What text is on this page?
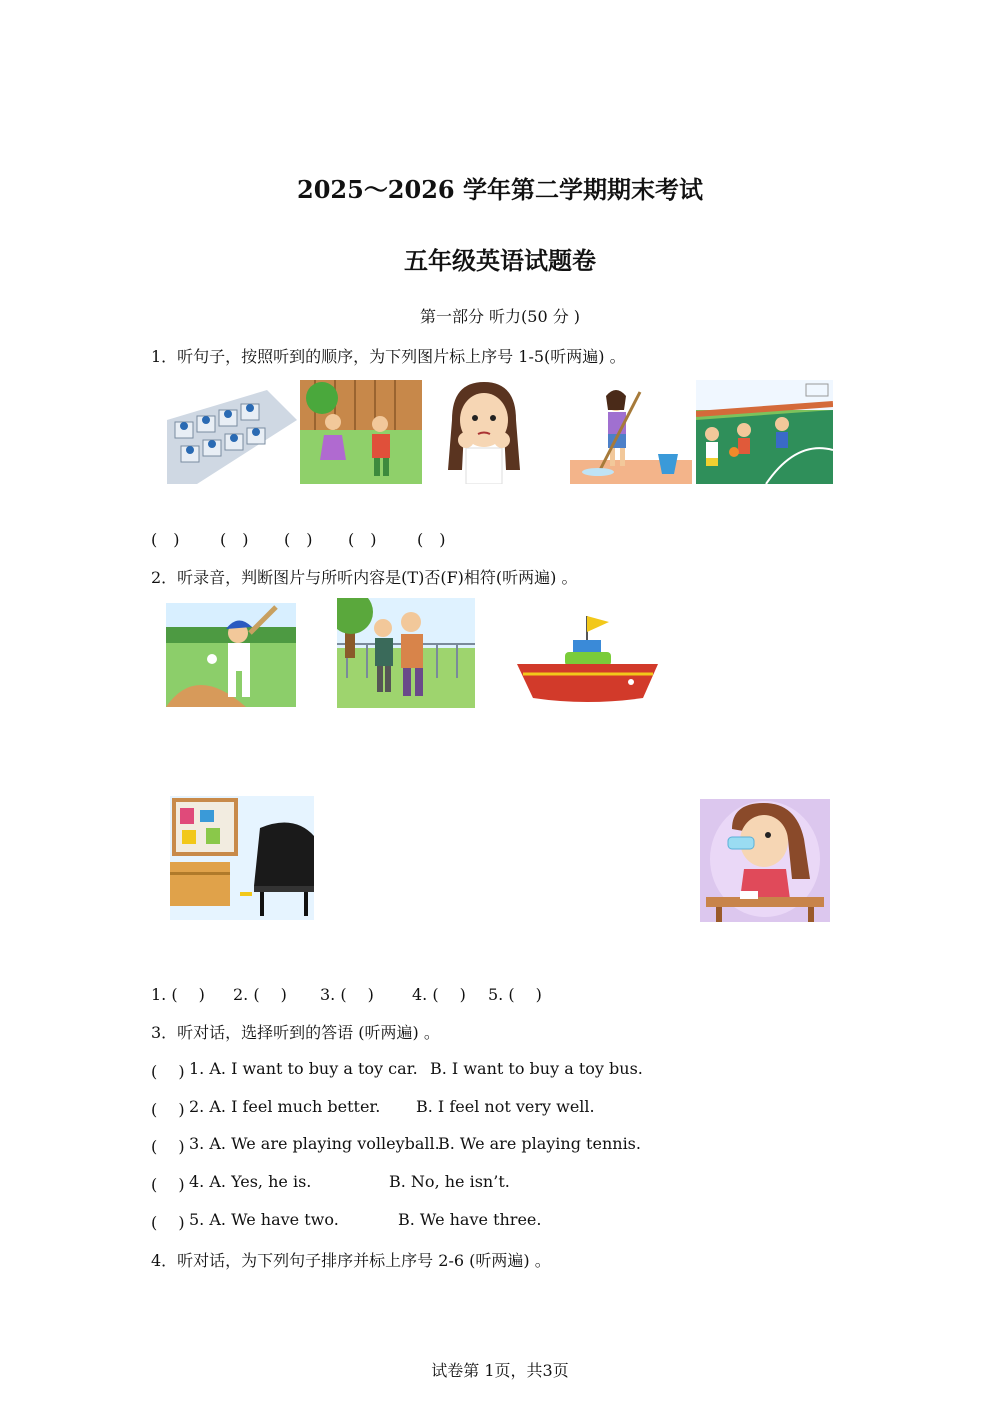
2025～2026 学年第二学期期末考试
五年级英语试题卷
第一部分 听力(50 分 )
1．听句子，按照听到的顺序，为下列图片标上序号 1-5(听两遍) 。
(　)	(　) (　) (　)	(　)
2．听录音，判断图片与所听内容是(T)否(F)相符(听两遍) 。
1. (　 ) 2. (　 ) 3. (　 ) 4. (　 ) 5. (　 )
3．听对话，选择听到的答语 (听两遍) 。
(　 ) 1. A. I want to buy a toy car. B. I want to buy a toy bus.
(　 ) 2. A. I feel much better. B. I feel not very well.
(　 ) 3. A. We are playing volleyball.
B. We are playing tennis.
(　 ) 4. A. Yes, he is.	B. No, he isn’t.
(　 ) 5. A. We have two.	B. We have three.
4．听对话，为下列句子排序并标上序号 2-6 (听两遍) 。
试卷第 1页，共3页
